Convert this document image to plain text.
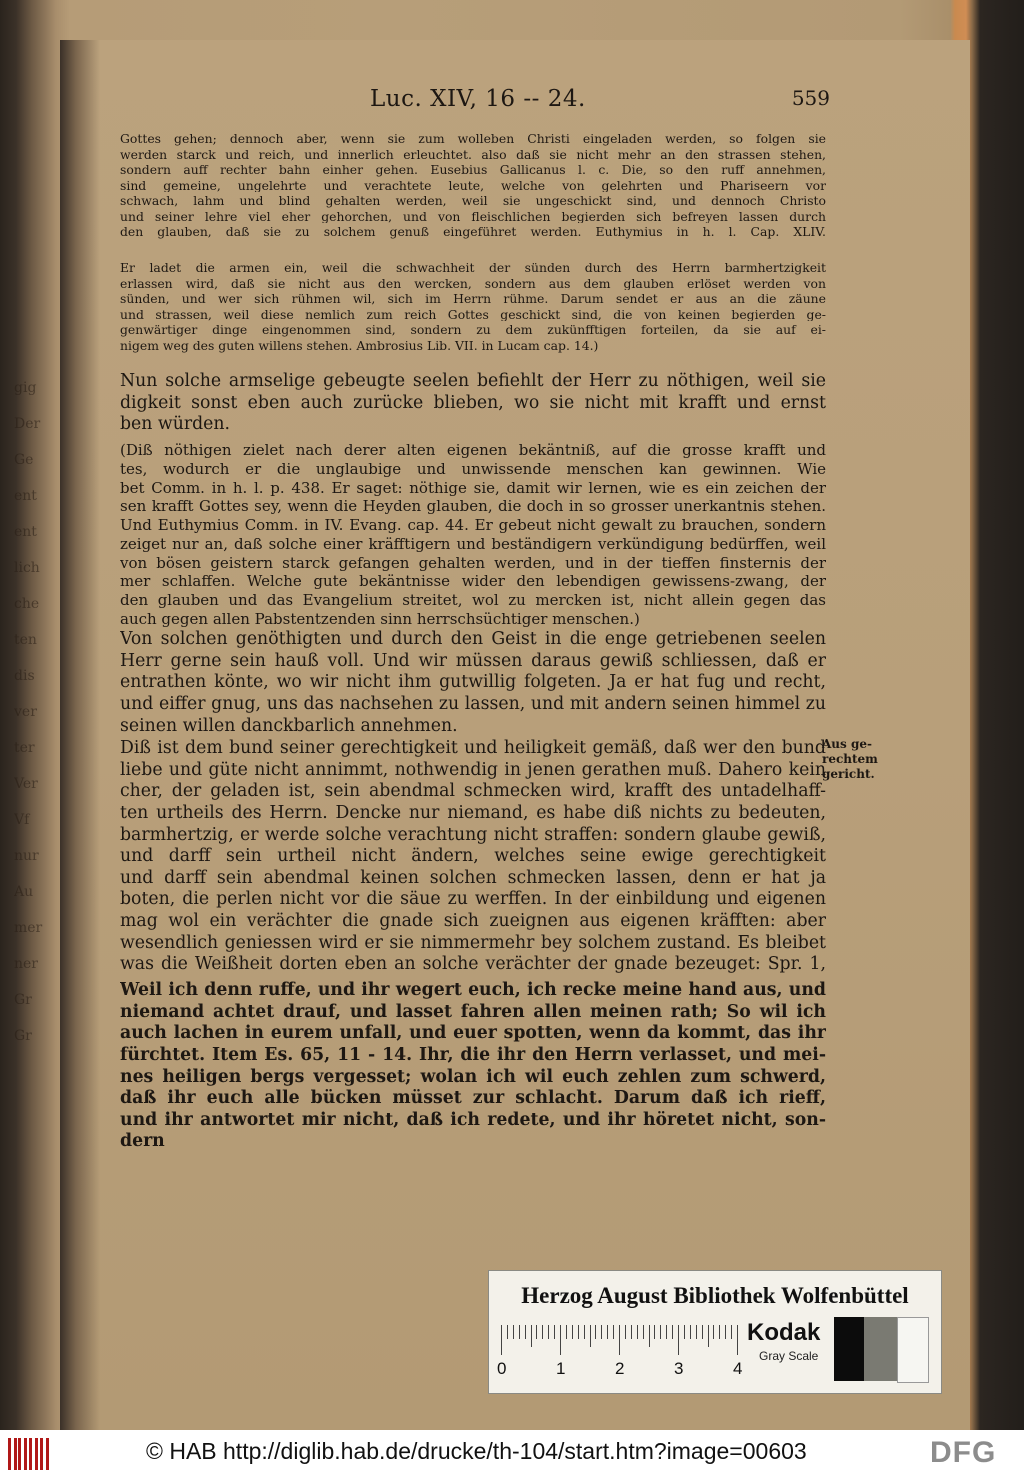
gig
Der
Ge
ent
ent
lich
che
ten
dis
ver
ter
Ver
Vf
nur
Au
mer
ner
Gr
Gr
Luc. XIV, 16 -- 24.	559
Gottes gehen; dennoch aber, wenn sie zum wolleben Christi eingeladen werden, so folgen sie
werden starck und reich, und innerlich erleuchtet. also daß sie nicht mehr an den strassen stehen,
sondern auff rechter bahn einher gehen. Eusebius Gallicanus l. c. Die, so den ruff annehmen,
sind gemeine, ungelehrte und verachtete leute, welche von gelehrten und Phariseern vor
schwach, lahm und blind gehalten werden, weil sie ungeschickt sind, und dennoch Christo
und seiner lehre viel eher gehorchen, und von fleischlichen begierden sich befreyen lassen durch
den glauben, daß sie zu solchem genuß eingeführet werden. Euthymius in h. l. Cap. XLIV.
Er ladet die armen ein, weil die schwachheit der sünden durch des Herrn barmhertzigkeit
erlassen wird, daß sie nicht aus den wercken, sondern aus dem glauben erlöset werden von
sünden, und wer sich rühmen wil, sich im Herrn rühme. Darum sendet er aus an die zäune
und strassen, weil diese nemlich zum reich Gottes geschickt sind, die von keinen begierden ge-
genwärtiger dinge eingenommen sind, sondern zu dem zukünfftigen forteilen, da sie auf ei-
nigem weg des guten willens stehen. Ambrosius Lib. VII. in Lucam cap. 14.)
Nun solche armselige gebeugte seelen befiehlt der Herr zu nöthigen, weil sie
digkeit sonst eben auch zurücke blieben, wo sie nicht mit krafft und ernst
ben würden.
(Diß nöthigen zielet nach derer alten eigenen bekäntniß, auf die grosse krafft und
tes, wodurch er die unglaubige und unwissende menschen kan gewinnen. Wie
bet Comm. in h. l. p. 438. Er saget: nöthige sie, damit wir lernen, wie es ein zeichen der
sen krafft Gottes sey, wenn die Heyden glauben, die doch in so grosser unerkantnis stehen.
Und Euthymius Comm. in IV. Evang. cap. 44. Er gebeut nicht gewalt zu brauchen, sondern
zeiget nur an, daß solche einer kräfftigern und beständigern verkündigung bedürffen, weil
von bösen geistern starck gefangen gehalten werden, und in der tieffen finsternis der
mer schlaffen. Welche gute bekäntnisse wider den lebendigen gewissens-zwang, der
den glauben und das Evangelium streitet, wol zu mercken ist, nicht allein gegen das
auch gegen allen Pabstentzenden sinn herrschsüchtiger menschen.)
Von solchen genöthigten und durch den Geist in die enge getriebenen seelen
Herr gerne sein hauß voll. Und wir müssen daraus gewiß schliessen, daß er
entrathen könte, wo wir nicht ihm gutwillig folgeten. Ja er hat fug und recht,
und eiffer gnug, uns das nachsehen zu lassen, und mit andern seinen himmel zu
seinen willen danckbarlich annehmen.
Diß ist dem bund seiner gerechtigkeit und heiligkeit gemäß, daß wer den bund
liebe und güte nicht annimmt, nothwendig in jenen gerathen muß. Dahero kein
cher, der geladen ist, sein abendmal schmecken wird, krafft des untadelhaff-
ten urtheils des Herrn. Dencke nur niemand, es habe diß nichts zu bedeuten,
barmhertzig, er werde solche verachtung nicht straffen: sondern glaube gewiß,
und darff sein urtheil nicht ändern, welches seine ewige gerechtigkeit
und darff sein abendmal keinen solchen schmecken lassen, denn er hat ja
boten, die perlen nicht vor die säue zu werffen. In der einbildung und eigenen
mag wol ein verächter die gnade sich zueignen aus eigenen kräfften: aber
wesendlich geniessen wird er sie nimmermehr bey solchem zustand. Es bleibet
was die Weißheit dorten eben an solche verächter der gnade bezeuget: Spr. 1,
Weil ich denn ruffe, und ihr wegert euch, ich recke meine hand aus, und
niemand achtet drauf, und lasset fahren allen meinen rath; So wil ich
auch lachen in eurem unfall, und euer spotten, wenn da kommt, das ihr
fürchtet. Item Es. 65, 11 - 14. Ihr, die ihr den Herrn verlasset, und mei-
nes heiligen bergs vergesset; wolan ich wil euch zehlen zum schwerd,
daß ihr euch alle bücken müsset zur schlacht. Darum daß ich rieff,
und ihr antwortet mir nicht, daß ich redete, und ihr höretet nicht, son-
dern
Aus ge-
rechtem
gericht.
Herzog August Bibliothek Wolfenbüttel
0	1	2	3	4
Kodak
Gray Scale
© HAB http://diglib.hab.de/drucke/th-104/start.htm?image=00603	DFG
